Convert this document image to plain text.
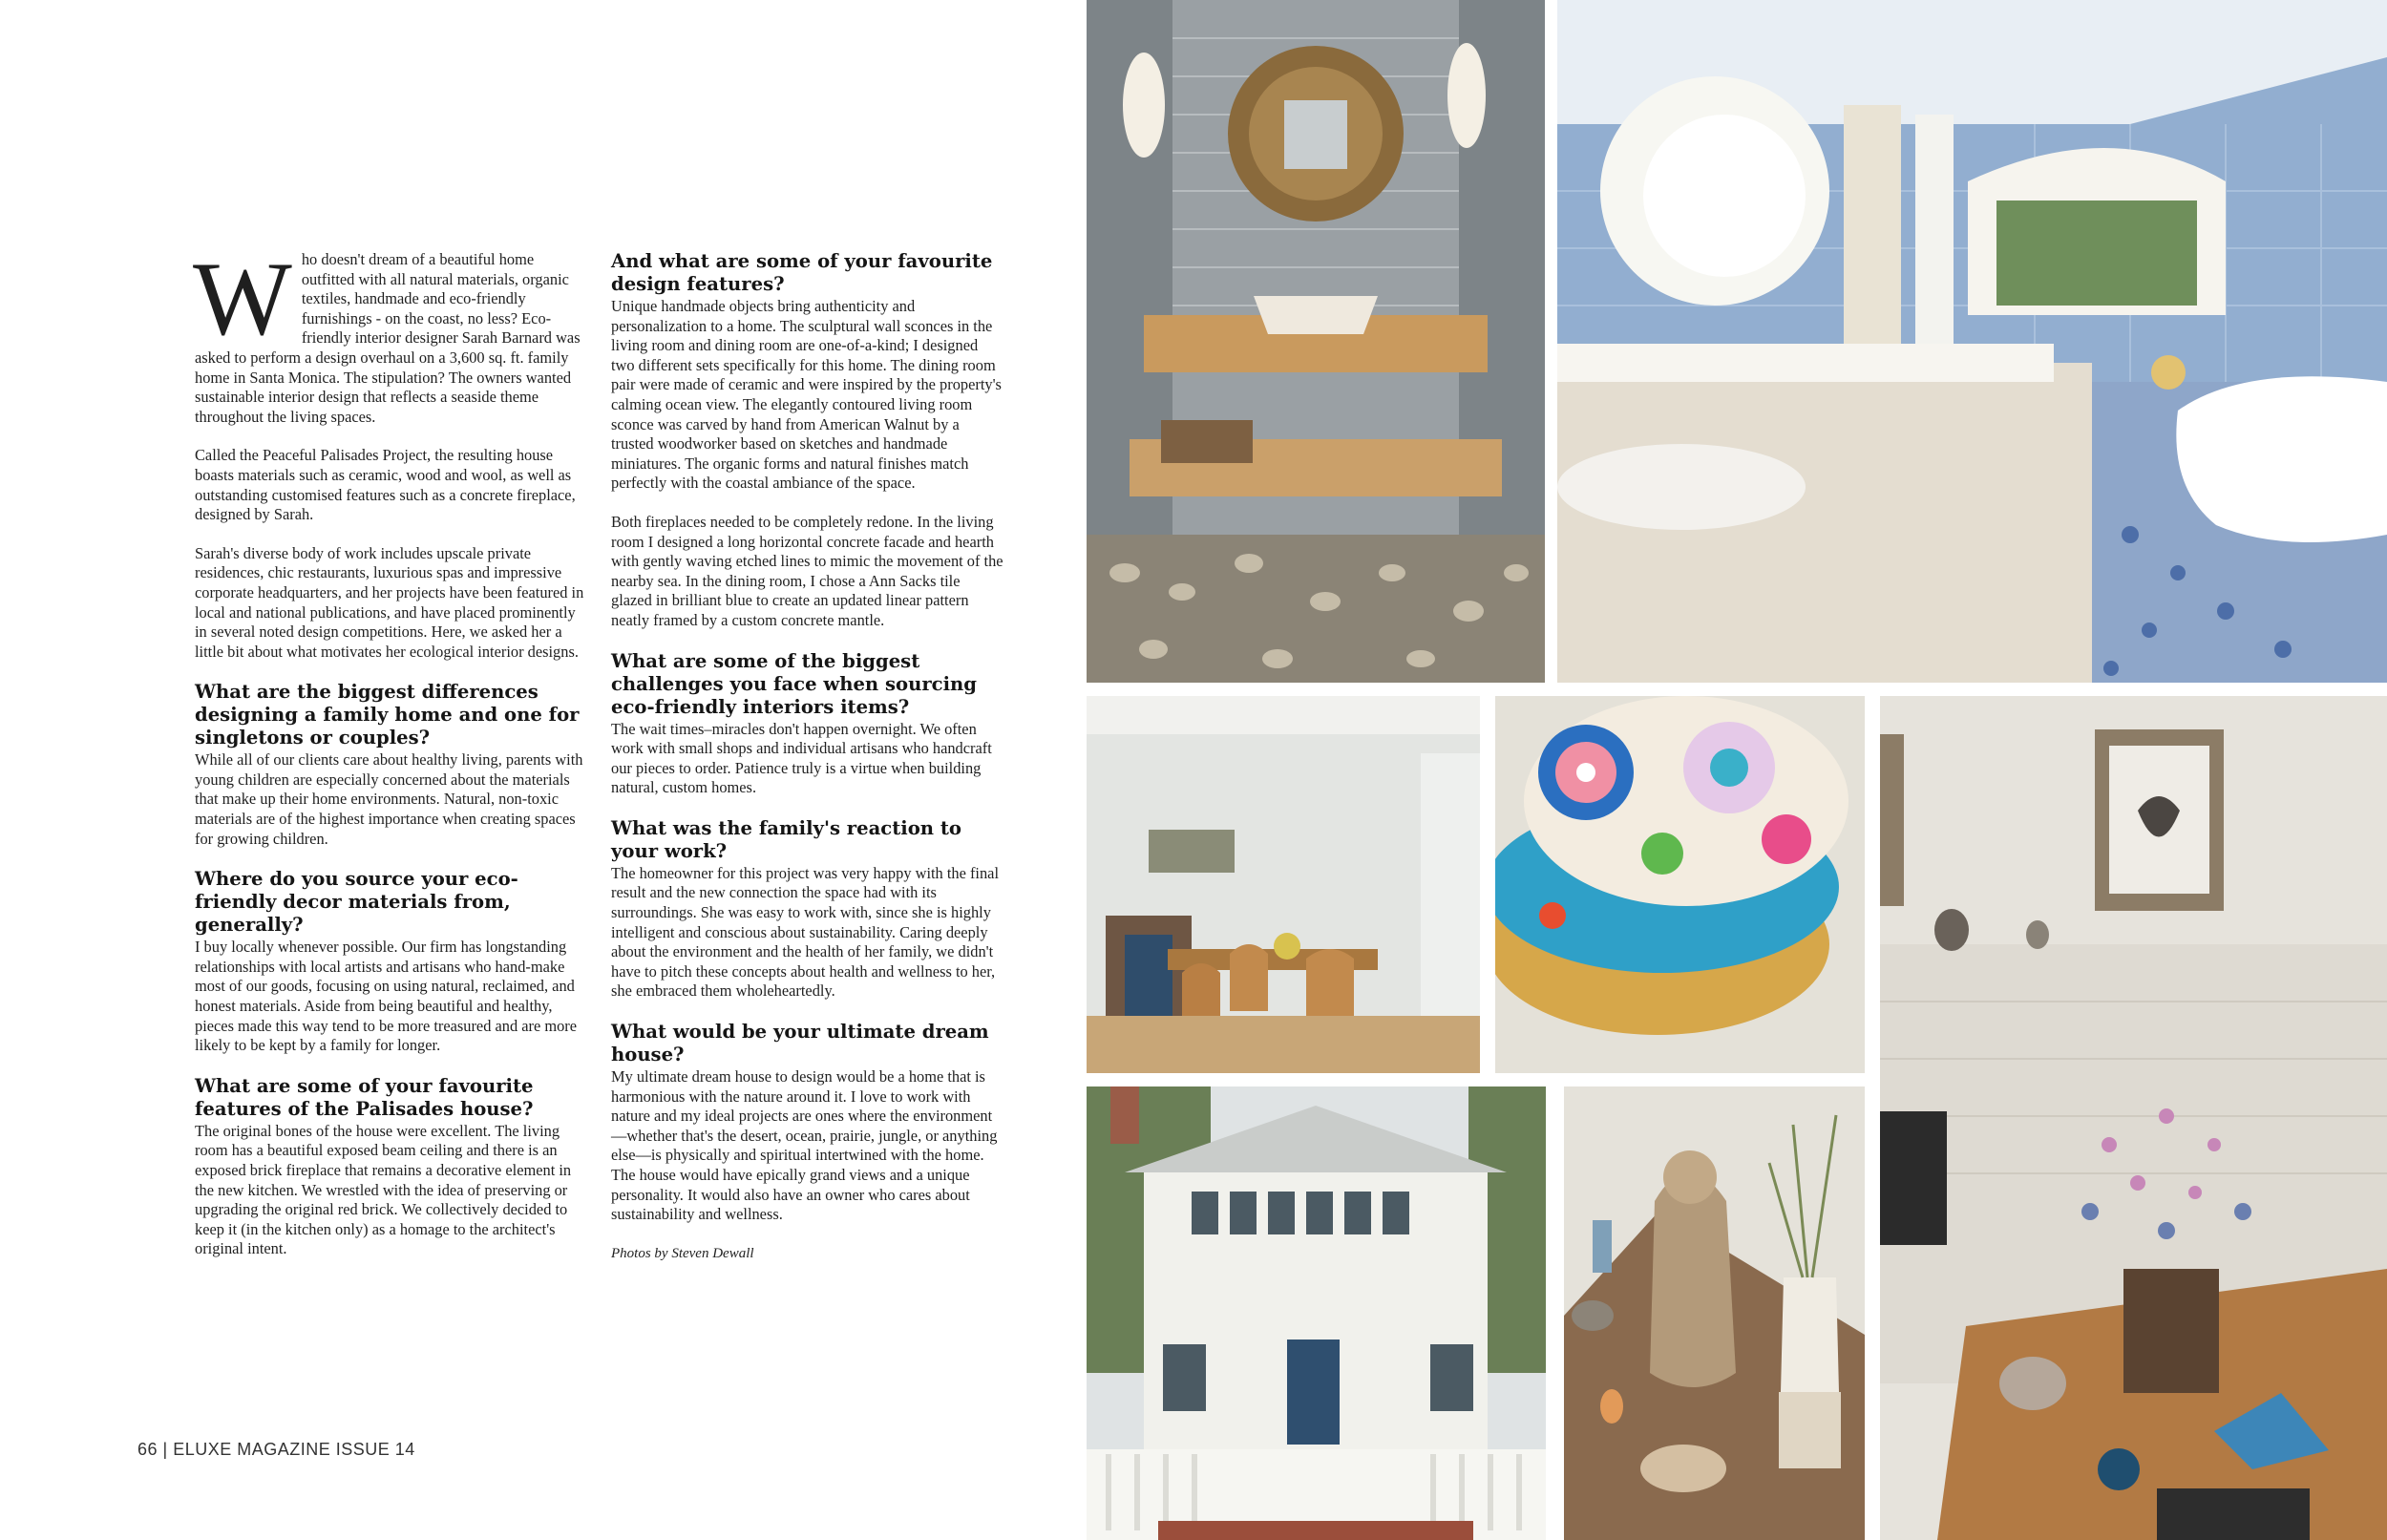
Who doesn't dream of a beautiful home outfitted with all natural materials, organic textiles, handmade and eco-friendly furnishings - on the coast, no less? Eco-friendly interior designer Sarah Barnard was asked to perform a design overhaul on a 3,600 sq. ft. family home in Santa Monica. The stipulation? The owners wanted sustainable interior design that reflects a seaside theme throughout the living spaces.

Called the Peaceful Palisades Project, the resulting house boasts materials such as ceramic, wood and wool, as well as outstanding customised features such as a concrete fireplace, designed by Sarah.

Sarah's diverse body of work includes upscale private residences, chic restaurants, luxurious spas and impressive corporate headquarters, and her projects have been featured in local and national publications, and have placed prominently in several noted design competitions. Here, we asked her a little bit about what motivates her ecological interior designs.

What are the biggest differences designing a family home and one for singletons or couples?

While all of our clients care about healthy living, parents with young children are especially concerned about the materials that make up their home environments. Natural, non-toxic materials are of the highest importance when creating spaces for growing children.

Where do you source your eco-friendly decor materials from, generally?

I buy locally whenever possible. Our firm has longstanding relationships with local artists and artisans who hand-make most of our goods, focusing on using natural, reclaimed, and honest materials. Aside from being beautiful and healthy, pieces made this way tend to be more treasured and are more likely to be kept by a family for longer.

What are some of your favourite features of the Palisades house?

The original bones of the house were excellent. The living room has a beautiful exposed beam ceiling and there is an exposed brick fireplace that remains a decorative element in the new kitchen. We wrestled with the idea of preserving or upgrading the original red brick. We collectively decided to keep it (in the kitchen only) as a homage to the architect's original intent.

And what are some of your favourite design features?

Unique handmade objects bring authenticity and personalization to a home. The sculptural wall sconces in the living room and dining room are one-of-a-kind; I designed two different sets specifically for this home. The dining room pair were made of ceramic and were inspired by the property's calming ocean view. The elegantly contoured living room sconce was carved by hand from American Walnut by a trusted woodworker based on sketches and handmade miniatures. The organic forms and natural finishes match perfectly with the coastal ambiance of the space.

Both fireplaces needed to be completely redone. In the living room I designed a long horizontal concrete facade and hearth with gently waving etched lines to mimic the movement of the nearby sea. In the dining room, I chose a Ann Sacks tile glazed in brilliant blue to create an updated linear pattern neatly framed by a custom concrete mantle.

What are some of the biggest challenges you face when sourcing eco-friendly interiors items?

The wait times–miracles don't happen overnight. We often work with small shops and individual artisans who handcraft our pieces to order. Patience truly is a virtue when building natural, custom homes.

What was the family's reaction to your work?

The homeowner for this project was very happy with the final result and the new connection the space had with its surroundings. She was easy to work with, since she is highly intelligent and conscious about sustainability. Caring deeply about the environment and the health of her family, we didn't have to pitch these concepts about health and wellness to her, she embraced them wholeheartedly.

What would be your ultimate dream house?

My ultimate dream house to design would be a home that is harmonious with the nature around it. I love to work with nature and my ideal projects are ones where the environment—whether that's the desert, ocean, prairie, jungle, or anything else—is physically and spiritual intertwined with the home. The house would have epically grand views and a unique personality. It would also have an owner who cares about sustainability and wellness.

Photos by Steven Dewall
66 | ELUXE MAGAZINE ISSUE 14
